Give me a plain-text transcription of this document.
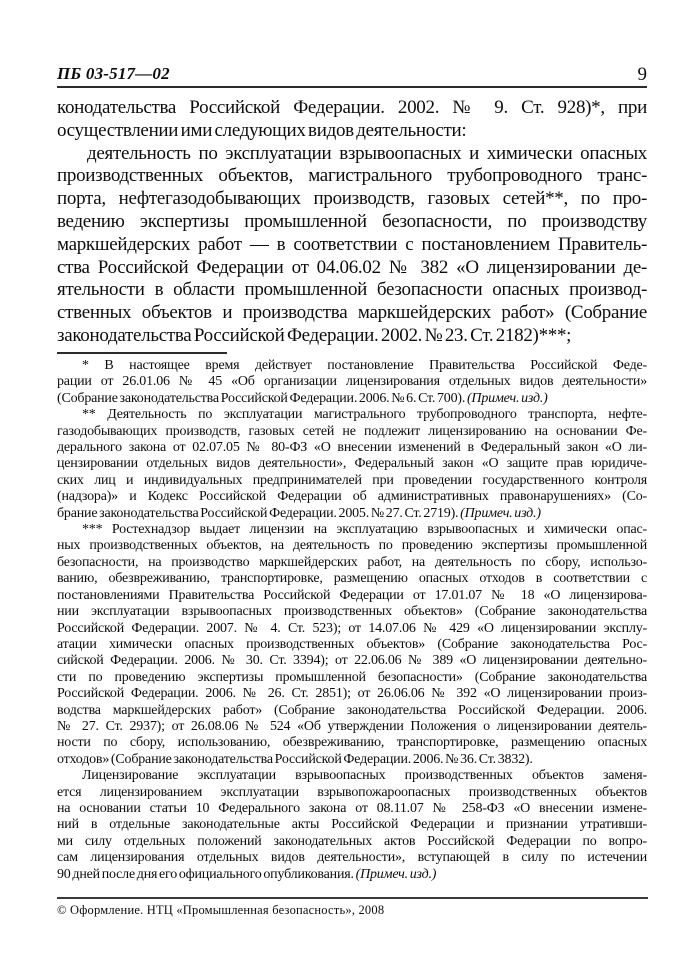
ПБ 03-517—02	9
конодательства Российской Федерации. 2002. № 9. Ст. 928)*, при
осуществлении ими следующих видов деятельности:
деятельность по эксплуатации взрывоопасных и химически опасных
производственных объектов, магистрального трубопроводного транс-
порта, нефтегазодобывающих производств, газовых сетей**, по про-
ведению экспертизы промышленной безопасности, по производству
маркшейдерских работ — в соответствии с постановлением Правитель-
ства Российской Федерации от 04.06.02 № 382 «О лицензировании де-
ятельности в области промышленной безопасности опасных производ-
ственных объектов и производства маркшейдерских работ» (Собрание
законодательства Российской Федерации. 2002. № 23. Ст. 2182)***;
* В настоящее время действует постановление Правительства Российской Феде-
рации от 26.01.06 № 45 «Об организации лицензирования отдельных видов деятельности»
(Собрание законодательства Российской Федерации. 2006. № 6. Ст. 700). (Примеч. изд.)
** Деятельность по эксплуатации магистрального трубопроводного транспорта, нефте-
газодобывающих производств, газовых сетей не подлежит лицензированию на основании Фе-
дерального закона от 02.07.05 № 80-ФЗ «О внесении изменений в Федеральный закон «О ли-
цензировании отдельных видов деятельности», Федеральный закон «О защите прав юридиче-
ских лиц и индивидуальных предпринимателей при проведении государственного контроля
(надзора)» и Кодекс Российской Федерации об административных правонарушениях» (Со-
брание законодательства Российской Федерации. 2005. № 27. Ст. 2719). (Примеч. изд.)
*** Ростехнадзор выдает лицензии на эксплуатацию взрывоопасных и химически опас-
ных производственных объектов, на деятельность по проведению экспертизы промышленной
безопасности, на производство маркшейдерских работ, на деятельность по сбору, использо-
ванию, обезвреживанию, транспортировке, размещению опасных отходов в соответствии с
постановлениями Правительства Российской Федерации от 17.01.07 № 18 «О лицензирова-
нии эксплуатации взрывоопасных производственных объектов» (Собрание законодательства
Российской Федерации. 2007. № 4. Ст. 523); от 14.07.06 № 429 «О лицензировании эксплу-
атации химически опасных производственных объектов» (Собрание законодательства Рос-
сийской Федерации. 2006. № 30. Ст. 3394); от 22.06.06 № 389 «О лицензировании деятельно-
сти по проведению экспертизы промышленной безопасности» (Собрание законодательства
Российской Федерации. 2006. № 26. Ст. 2851); от 26.06.06 № 392 «О лицензировании произ-
водства маркшейдерских работ» (Собрание законодательства Российской Федерации. 2006.
№ 27. Ст. 2937); от 26.08.06 № 524 «Об утверждении Положения о лицензировании деятель-
ности по сбору, использованию, обезвреживанию, транспортировке, размещению опасных
отходов» (Собрание законодательства Российской Федерации. 2006. № 36. Ст. 3832).
Лицензирование эксплуатации взрывоопасных производственных объектов заменя-
ется лицензированием эксплуатации взрывопожароопасных производственных объектов
на основании статьи 10 Федерального закона от 08.11.07 № 258-ФЗ «О внесении измене-
ний в отдельные законодательные акты Российской Федерации и признании утративши-
ми силу отдельных положений законодательных актов Российской Федерации по вопро-
сам лицензирования отдельных видов деятельности», вступающей в силу по истечении
90 дней после дня его официального опубликования. (Примеч. изд.)
© Оформление. НТЦ «Промышленная безопасность», 2008
